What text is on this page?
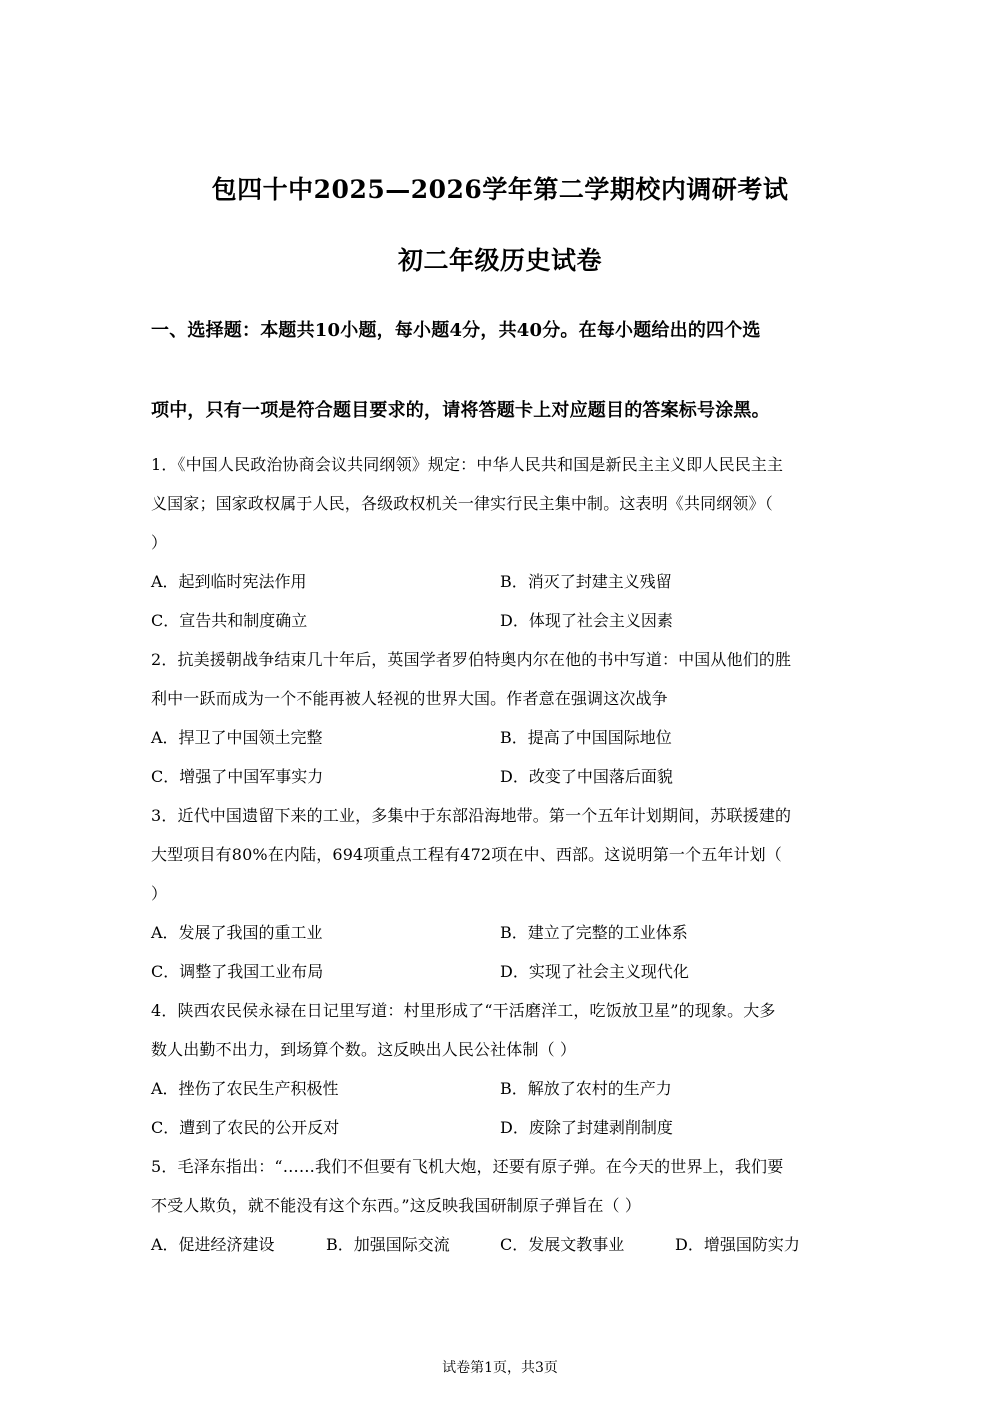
包四十中2025—2026学年第二学期校内调研考试
初二年级历史试卷
一、选择题：本题共10小题，每小题4分，共40分。在每小题给出的四个选
项中，只有一项是符合题目要求的，请将答题卡上对应题目的答案标号涂黑。
1．《中国人民政治协商会议共同纲领》规定：中华人民共和国是新民主主义即人民民主主
义国家；国家政权属于人民，各级政权机关一律实行民主集中制。这表明《共同纲领》（
）
A．起到临时宪法作用	B．消灭了封建主义残留
C．宣告共和制度确立	D．体现了社会主义因素
2．抗美援朝战争结束几十年后，英国学者罗伯特奥内尔在他的书中写道：中国从他们的胜
利中一跃而成为一个不能再被人轻视的世界大国。作者意在强调这次战争
A．捍卫了中国领土完整	B．提高了中国国际地位
C．增强了中国军事实力	D．改变了中国落后面貌
3．近代中国遗留下来的工业，多集中于东部沿海地带。第一个五年计划期间，苏联援建的
大型项目有80%在内陆，694项重点工程有472项在中、西部。这说明第一个五年计划（
）
A．发展了我国的重工业	B．建立了完整的工业体系
C．调整了我国工业布局	D．实现了社会主义现代化
4．陕西农民侯永禄在日记里写道：村里形成了“干活磨洋工，吃饭放卫星”的现象。大多
数人出勤不出力，到场算个数。这反映出人民公社体制（ ）
A．挫伤了农民生产积极性	B．解放了农村的生产力
C．遭到了农民的公开反对	D．废除了封建剥削制度
5．毛泽东指出：“……我们不但要有飞机大炮，还要有原子弹。在今天的世界上，我们要
不受人欺负，就不能没有这个东西。”这反映我国研制原子弹旨在（ ）
A．促进经济建设	B．加强国际交流	C．发展文教事业	D．增强国防实力
试卷第1页，共3页
